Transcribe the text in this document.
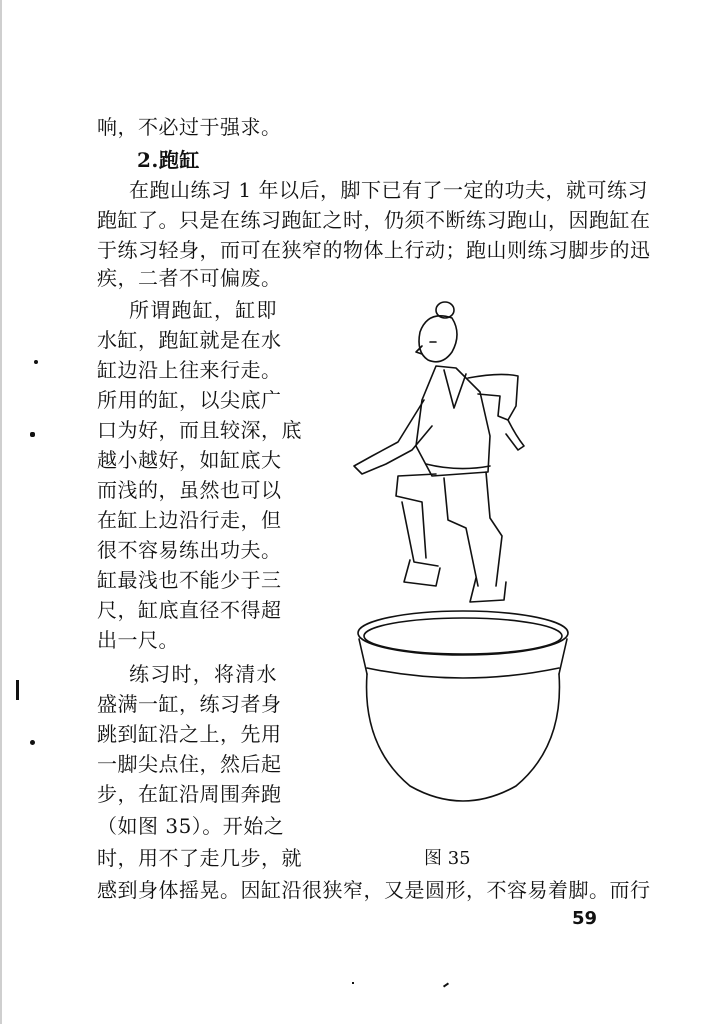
响，不必过于强求。
2.跑缸
在跑山练习 1 年以后，脚下已有了一定的功夫，就可练习
跑缸了。只是在练习跑缸之时，仍须不断练习跑山，因跑缸在
于练习轻身，而可在狭窄的物体上行动；跑山则练习脚步的迅
疾，二者不可偏废。
所谓跑缸，缸即
水缸，跑缸就是在水
缸边沿上往来行走。
所用的缸，以尖底广
口为好，而且较深，底
越小越好，如缸底大
而浅的，虽然也可以
在缸上边沿行走，但
很不容易练出功夫。
缸最浅也不能少于三
尺，缸底直径不得超
出一尺。
练习时，将清水
盛满一缸，练习者身
跳到缸沿之上，先用
一脚尖点住，然后起
步，在缸沿周围奔跑
（如图 35）。开始之
时，用不了走几步，就
感到身体摇晃。因缸沿很狭窄，又是圆形，不容易着脚。而行
图 35
59
